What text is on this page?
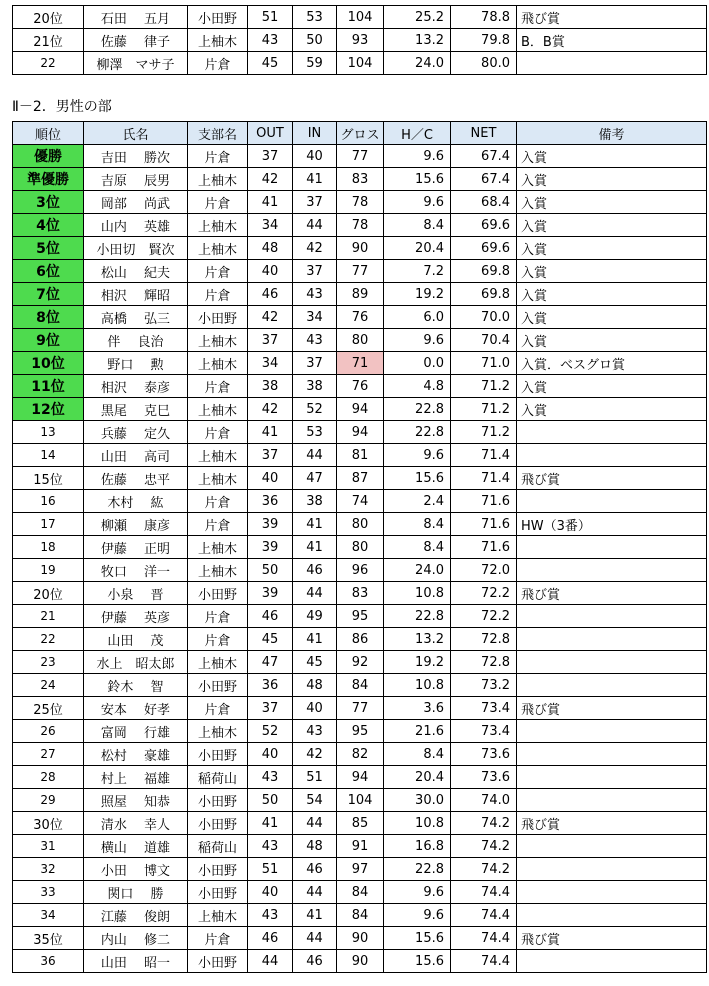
20位	石田　 五月	小田野	51	53	104	25.2	78.8	飛び賞
21位	佐藤　 律子	上柚木	43	50	93	13.2	79.8	B．B賞
22	柳澤　マサ子	片倉	45	59	104	24.0	80.0	
Ⅱ－2．男性の部
順位	氏名	支部名	OUT	IN	グロス	H／C	NET	備考
優勝	吉田　 勝次	片倉	37	40	77	9.6	67.4	入賞
準優勝	吉原　 辰男	上柚木	42	41	83	15.6	67.4	入賞
3位	岡部　 尚武	片倉	41	37	78	9.6	68.4	入賞
4位	山内　 英雄	上柚木	34	44	78	8.4	69.6	入賞
5位	小田切　賢次	上柚木	48	42	90	20.4	69.6	入賞
6位	松山　 紀夫	片倉	40	37	77	7.2	69.8	入賞
7位	相沢　 輝昭	片倉	46	43	89	19.2	69.8	入賞
8位	高橋　 弘三	小田野	42	34	76	6.0	70.0	入賞
9位	伴　 良治	上柚木	37	43	80	9.6	70.4	入賞
10位	野口　 勲	上柚木	34	37	71	0.0	71.0	入賞．ベスグロ賞
11位	相沢　 泰彦	片倉	38	38	76	4.8	71.2	入賞
12位	黒尾　 克巳	上柚木	42	52	94	22.8	71.2	入賞
13	兵藤　 定久	片倉	41	53	94	22.8	71.2	
14	山田　 高司	上柚木	37	44	81	9.6	71.4	
15位	佐藤　 忠平	上柚木	40	47	87	15.6	71.4	飛び賞
16	木村　 紘	片倉	36	38	74	2.4	71.6	
17	柳瀬　 康彦	片倉	39	41	80	8.4	71.6	HW（3番）
18	伊藤　 正明	上柚木	39	41	80	8.4	71.6	
19	牧口　 洋一	上柚木	50	46	96	24.0	72.0	
20位	小泉　 晋	小田野	39	44	83	10.8	72.2	飛び賞
21	伊藤　 英彦	片倉	46	49	95	22.8	72.2	
22	山田　 茂	片倉	45	41	86	13.2	72.8	
23	水上　昭太郎	上柚木	47	45	92	19.2	72.8	
24	鈴木　 智	小田野	36	48	84	10.8	73.2	
25位	安本　 好孝	片倉	37	40	77	3.6	73.4	飛び賞
26	富岡　 行雄	上柚木	52	43	95	21.6	73.4	
27	松村　 豪雄	小田野	40	42	82	8.4	73.6	
28	村上　 福雄	稲荷山	43	51	94	20.4	73.6	
29	照屋　 知恭	小田野	50	54	104	30.0	74.0	
30位	清水　 幸人	小田野	41	44	85	10.8	74.2	飛び賞
31	横山　 道雄	稲荷山	43	48	91	16.8	74.2	
32	小田　 博文	小田野	51	46	97	22.8	74.2	
33	関口　 勝	小田野	40	44	84	9.6	74.4	
34	江藤　 俊朗	上柚木	43	41	84	9.6	74.4	
35位	内山　 修二	片倉	46	44	90	15.6	74.4	飛び賞
36	山田　 昭一	小田野	44	46	90	15.6	74.4	
